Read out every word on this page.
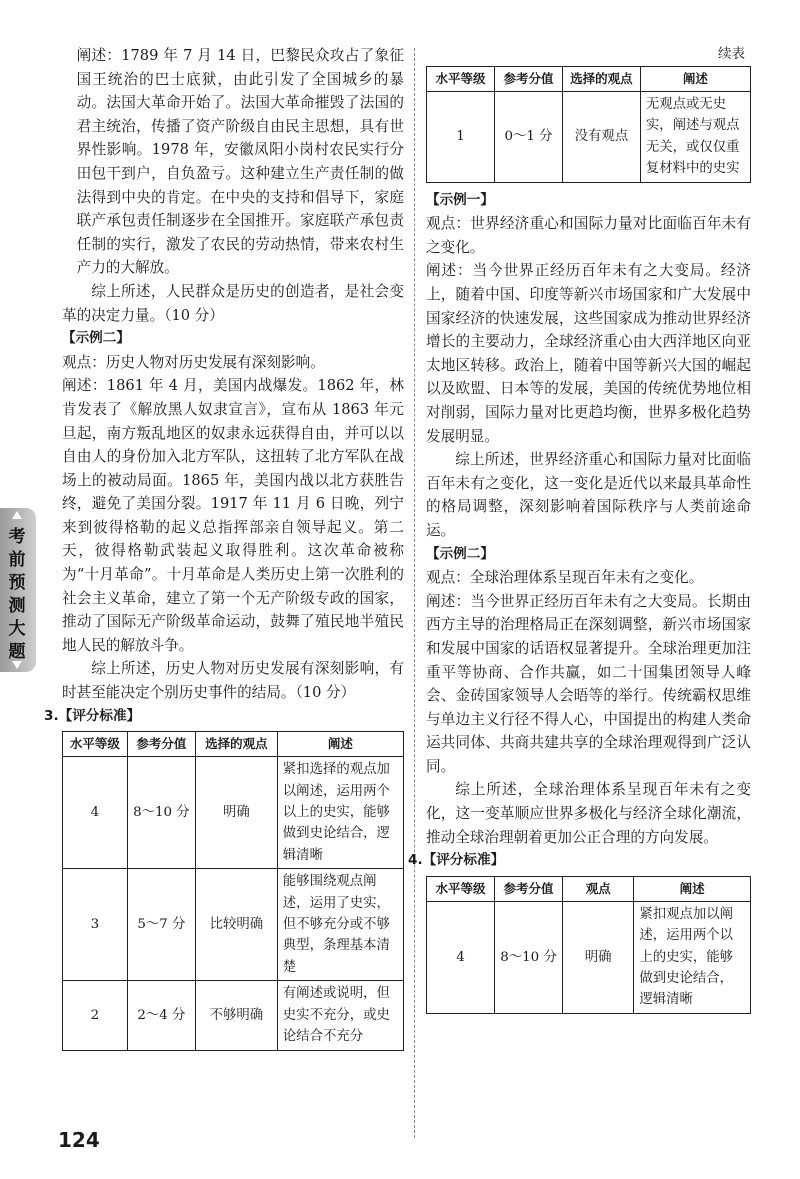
阐述：1789 年 7 月 14 日，巴黎民众攻占了象征国王统治的巴士底狱，由此引发了全国城乡的暴动。法国大革命开始了。法国大革命摧毁了法国的君主统治，传播了资产阶级自由民主思想，具有世界性影响。1978 年，安徽凤阳小岗村农民实行分田包干到户，自负盈亏。这种建立生产责任制的做法得到中央的肯定。在中央的支持和倡导下，家庭联产承包责任制逐步在全国推开。家庭联产承包责任制的实行，激发了农民的劳动热情，带来农村生产力的大解放。

综上所述，人民群众是历史的创造者，是社会变革的决定力量。（10 分）

【示例二】

观点：历史人物对历史发展有深刻影响。

阐述：1861 年 4 月，美国内战爆发。1862 年，林肯发表了《解放黑人奴隶宣言》，宣布从 1863 年元旦起，南方叛乱地区的奴隶永远获得自由，并可以以自由人的身份加入北方军队，这扭转了北方军队在战场上的被动局面。1865 年，美国内战以北方获胜告终，避免了美国分裂。1917 年 11 月 6 日晚，列宁来到彼得格勒的起义总指挥部亲自领导起义。第二天，彼得格勒武装起义取得胜利。这次革命被称为“十月革命”。十月革命是人类历史上第一次胜利的社会主义革命，建立了第一个无产阶级专政的国家，推动了国际无产阶级革命运动，鼓舞了殖民地半殖民地人民的解放斗争。

综上所述，历史人物对历史发展有深刻影响，有时甚至能决定个别历史事件的结局。（10 分）

3.【评分标准】

水平等级	参考分值	选择的观点	阐述
4	8～10 分	明确	紧扣选择的观点加以阐述，运用两个以上的史实，能够做到史论结合，逻辑清晰
3	5～7 分	比较明确	能够围绕观点阐述，运用了史实，但不够充分或不够典型，条理基本清楚
2	2～4 分	不够明确	有阐述或说明，但史实不充分，或史论结合不充分

续表

水平等级	参考分值	选择的观点	阐述
1	0～1 分	没有观点	无观点或无史实，阐述与观点无关，或仅仅重复材料中的史实

【示例一】

观点：世界经济重心和国际力量对比面临百年未有之变化。

阐述：当今世界正经历百年未有之大变局。经济上，随着中国、印度等新兴市场国家和广大发展中国家经济的快速发展，这些国家成为推动世界经济增长的主要动力，全球经济重心由大西洋地区向亚太地区转移。政治上，随着中国等新兴大国的崛起以及欧盟、日本等的发展，美国的传统优势地位相对削弱，国际力量对比更趋均衡，世界多极化趋势发展明显。

综上所述，世界经济重心和国际力量对比面临百年未有之变化，这一变化是近代以来最具革命性的格局调整，深刻影响着国际秩序与人类前途命运。

【示例二】

观点：全球治理体系呈现百年未有之变化。

阐述：当今世界正经历百年未有之大变局。长期由西方主导的治理格局正在深刻调整，新兴市场国家和发展中国家的话语权显著提升。全球治理更加注重平等协商、合作共赢，如二十国集团领导人峰会、金砖国家领导人会晤等的举行。传统霸权思维与单边主义行径不得人心，中国提出的构建人类命运共同体、共商共建共享的全球治理观得到广泛认同。

综上所述，全球治理体系呈现百年未有之变化，这一变革顺应世界多极化与经济全球化潮流，推动全球治理朝着更加公正合理的方向发展。

4.【评分标准】

水平等级	参考分值	观点	阐述
4	8～10 分	明确	紧扣观点加以阐述，运用两个以上的史实，能够做到史论结合，逻辑清晰
考前预测大题
124
